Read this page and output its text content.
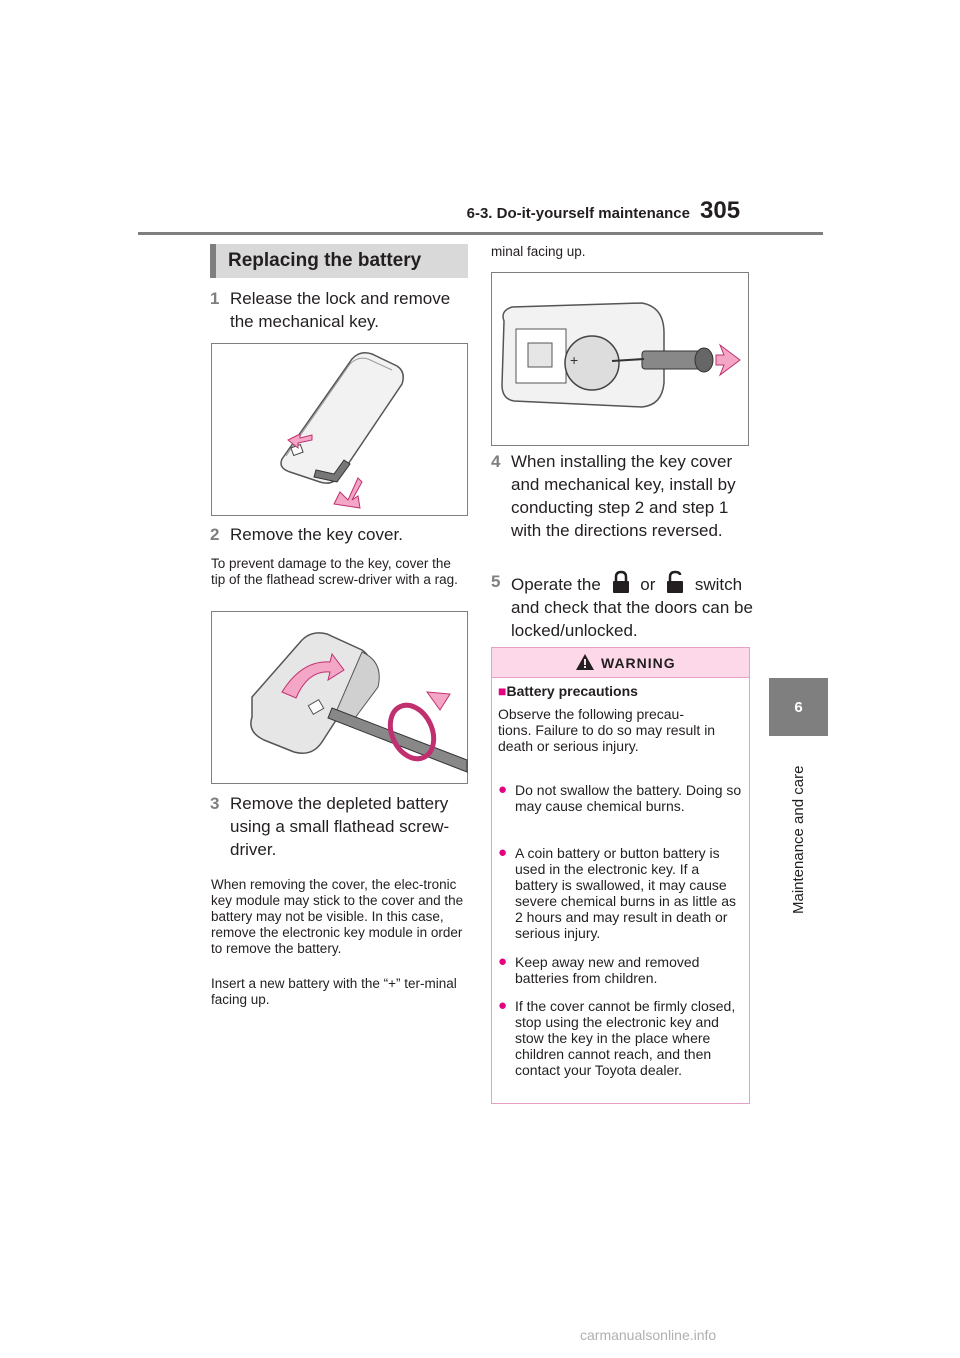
6-3. Do-it-yourself maintenance 305
6
Maintenance and care
Replacing the battery
1 Release the lock and remove the mechanical key.
2 Remove the key cover.
To prevent damage to the key, cover the tip of the flathead screw-driver with a rag.
3 Remove the depleted battery using a small flathead screw-driver.
When removing the cover, the elec-tronic key module may stick to the cover and the battery may not be visible. In this case, remove the electronic key module in order to remove the battery.
Insert a new battery with the “+” ter-minal facing up.
minal facing up.
+
4 When installing the key cover and mechanical key, install by conducting step 2 and step 1 with the directions reversed.
5 Operate the or switch and check that the doors can be locked/unlocked.
WARNING
■Battery precautions
Observe the following precau-tions. Failure to do so may result in death or serious injury.
● Do not swallow the battery. Doing so may cause chemical burns.
● A coin battery or button battery is used in the electronic key. If a battery is swallowed, it may cause severe chemical burns in as little as 2 hours and may result in death or serious injury.
● Keep away new and removed batteries from children.
● If the cover cannot be firmly closed, stop using the electronic key and stow the key in the place where children cannot reach, and then contact your Toyota dealer.
carmanualsonline.info
